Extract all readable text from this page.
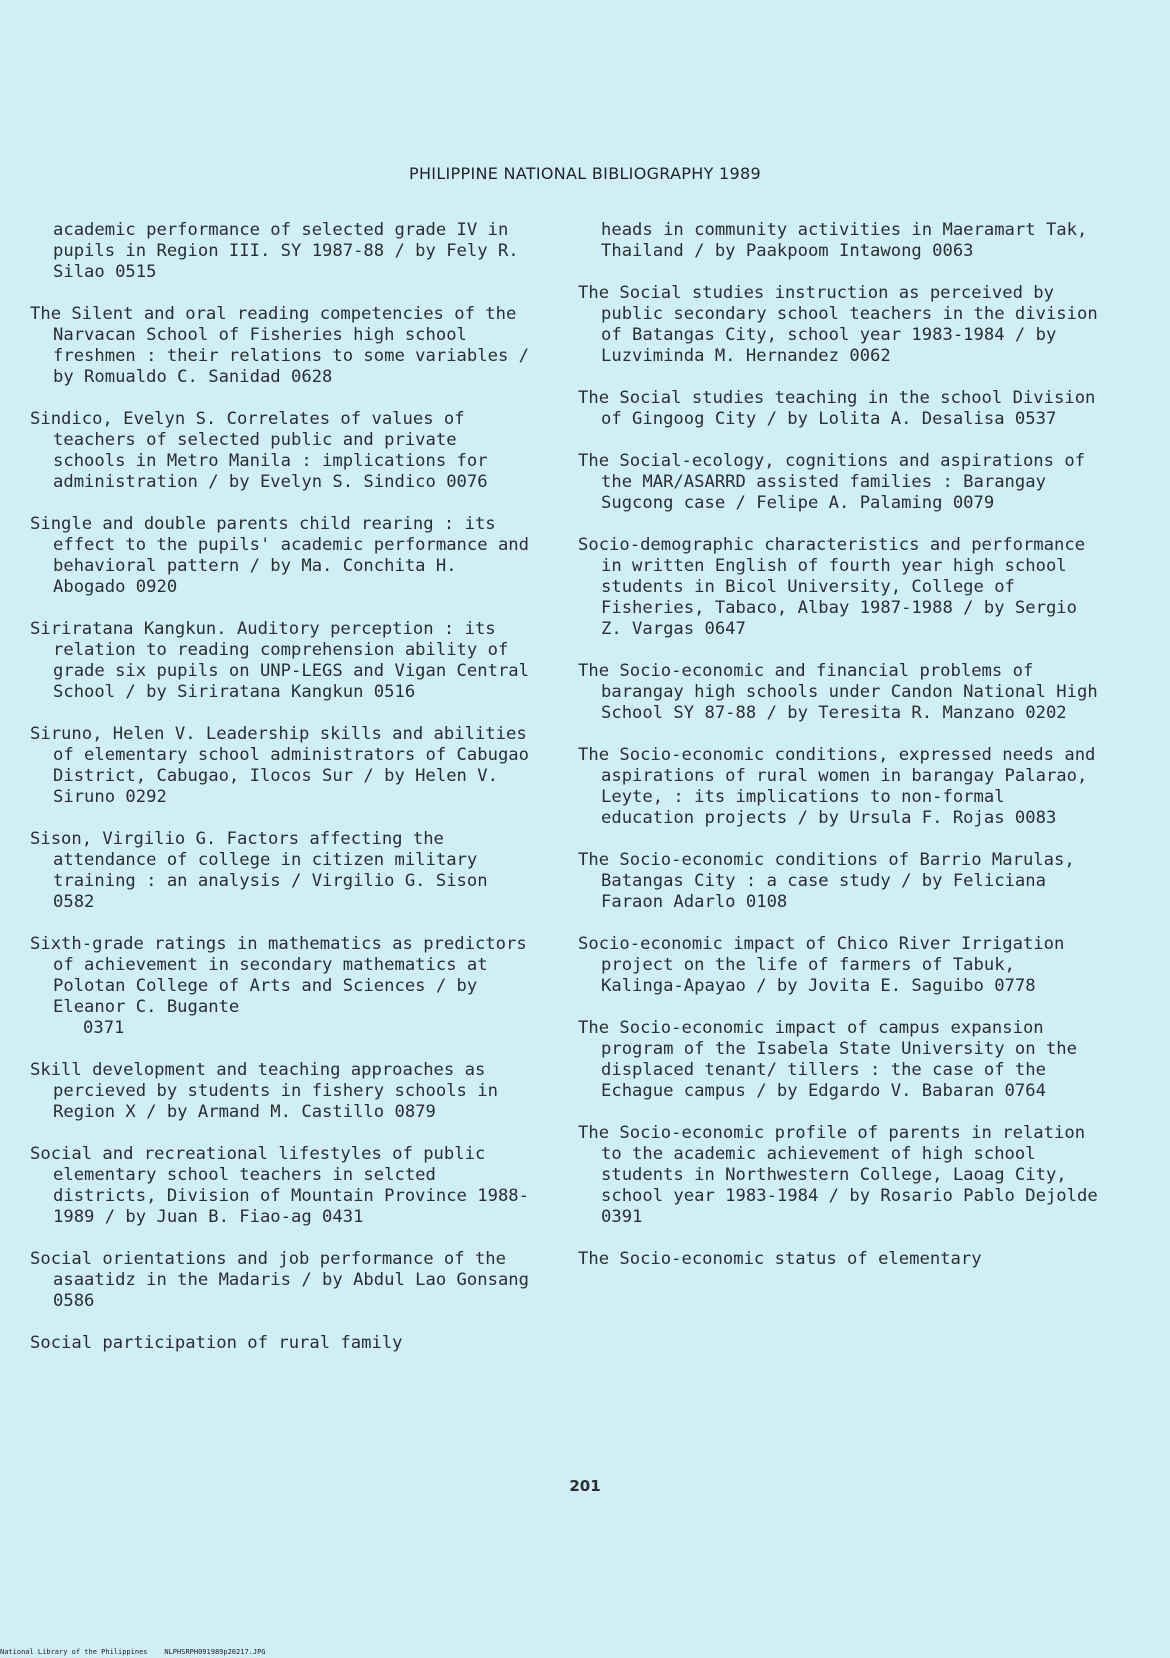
PHILIPPINE NATIONAL BIBLIOGRAPHY 1989

academic performance of selected grade IV in pupils in Region III. SY 1987-88 / by Fely R. Silao 0515

The Silent and oral reading competencies of the Narvacan School of Fisheries high school freshmen : their relations to some variables / by Romualdo C. Sanidad 0628

Sindico, Evelyn S. Correlates of values of teachers of selected public and private schools in Metro Manila : implications for administration / by Evelyn S. Sindico 0076

Single and double parents child rearing : its effect to the pupils' academic performance and behavioral pattern / by Ma. Conchita H. Abogado 0920

Siriratana Kangkun. Auditory perception : its relation to reading comprehension ability of grade six pupils on UNP-LEGS and Vigan Central School / by Siriratana Kangkun 0516

Siruno, Helen V. Leadership skills and abilities of elementary school administrators of Cabugao District, Cabugao, Ilocos Sur / by Helen V. Siruno 0292

Sison, Virgilio G. Factors affecting the attendance of college in citizen military training : an analysis / Virgilio G. Sison 0582

Sixth-grade ratings in mathematics as predictors of achievement in secondary mathematics at Polotan College of Arts and Sciences / by Eleanor C. Bugante
0371

Skill development and teaching approaches as percieved by students in fishery schools in Region X / by Armand M. Castillo 0879

Social and recreational lifestyles of public elementary school teachers in selcted districts, Division of Mountain Province 1988-1989 / by Juan B. Fiao-ag 0431

Social orientations and job performance of the asaatidz in the Madaris / by Abdul Lao Gonsang 0586

Social participation of rural family

heads in community activities in Maeramart Tak, Thailand / by Paakpoom Intawong 0063

The Social studies instruction as perceived by public secondary school teachers in the division of Batangas City, school year 1983-1984 / by Luzviminda M. Hernandez 0062

The Social studies teaching in the school Division of Gingoog City / by Lolita A. Desalisa 0537

The Social-ecology, cognitions and aspirations of the MAR/ASARRD assisted families : Barangay Sugcong case / Felipe A. Palaming 0079

Socio-demographic characteristics and performance in written English of fourth year high school students in Bicol University, College of Fisheries, Tabaco, Albay 1987-1988 / by Sergio Z. Vargas 0647

The Socio-economic and financial problems of barangay high schools under Candon National High School SY 87-88 / by Teresita R. Manzano 0202

The Socio-economic conditions, expressed needs and aspirations of rural women in barangay Palarao, Leyte, : its implications to non-formal education projects / by Ursula F. Rojas 0083

The Socio-economic conditions of Barrio Marulas, Batangas City : a case study / by Feliciana Faraon Adarlo 0108

Socio-economic impact of Chico River Irrigation project on the life of farmers of Tabuk, Kalinga-Apayao / by Jovita E. Saguibo 0778

The Socio-economic impact of campus expansion program of the Isabela State University on the displaced tenant/ tillers : the case of the Echague campus / by Edgardo V. Babaran 0764

The Socio-economic profile of parents in relation to the academic achievement of high school students in Northwestern College, Laoag City, school year 1983-1984 / by Rosario Pablo Dejolde 0391

The Socio-economic status of elementary

201
National Library of the Philippines NLPHSRPH091989p20217.JPG
